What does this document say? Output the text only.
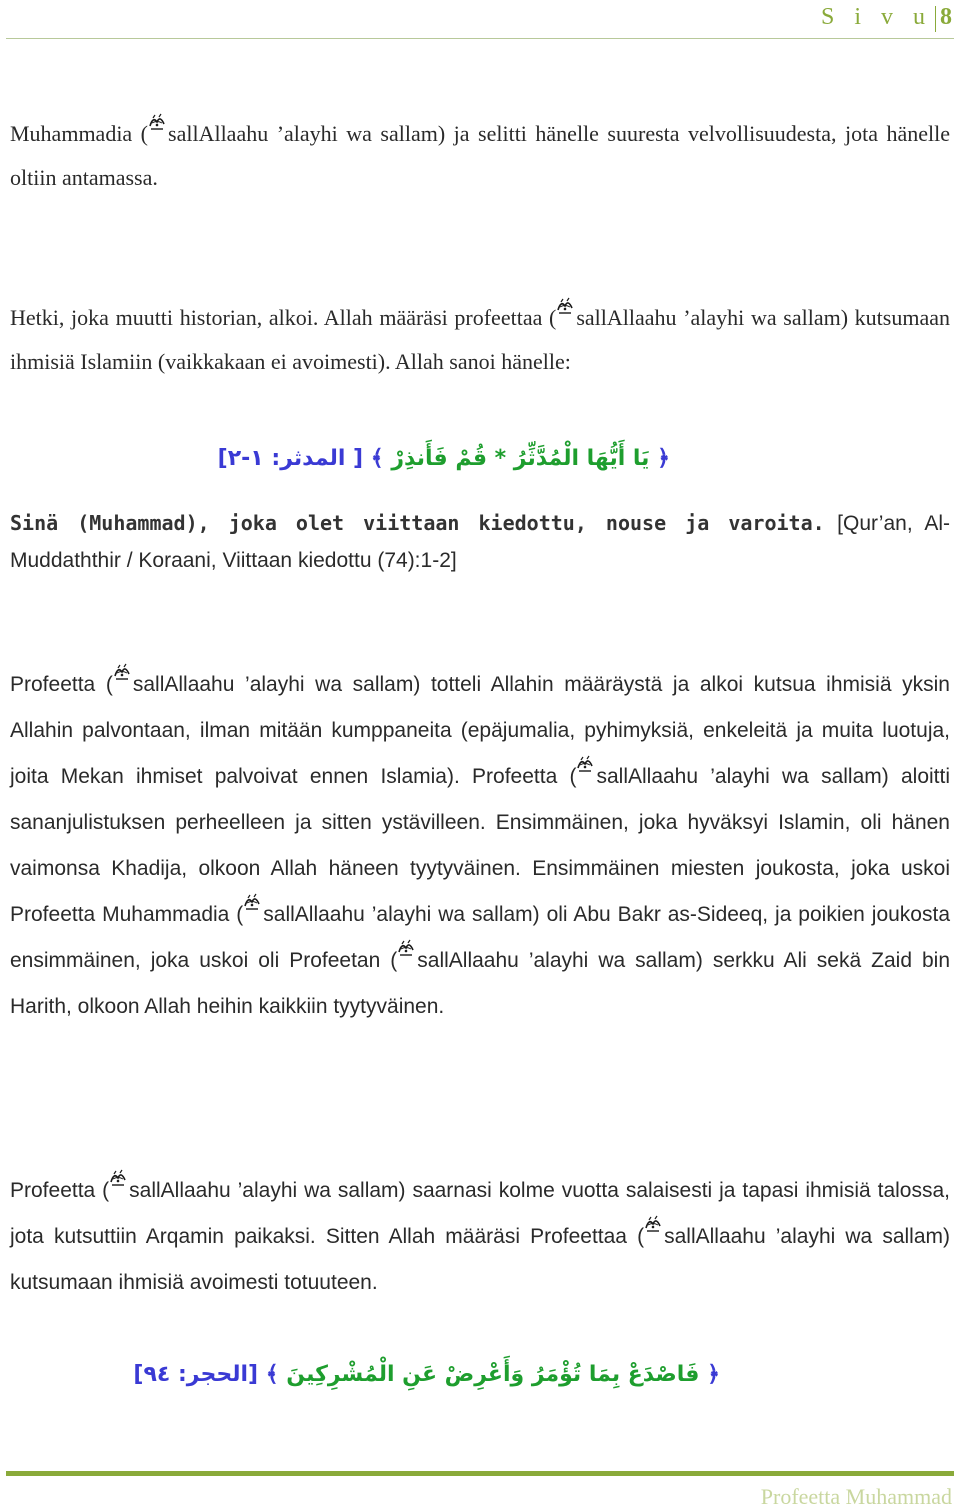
S i v u 8

Muhammadia ( sallAllaahu ’alayhi wa sallam) ja selitti hänelle suuresta velvollisuudesta, jota hänelle oltiin antamassa.

Hetki, joka muutti historian, alkoi. Allah määräsi profeettaa ( sallAllaahu ’alayhi wa sallam) kutsumaan ihmisiä Islamiin (vaikkakaan ei avoimesti). Allah sanoi hänelle:

﴿ يَا أَيُّهَا الْمُدَّثِّرُ * قُمْ فَأَنذِرْ ﴾ [ المدثر: ١-٢]

Sinä (Muhammad), joka olet viittaan kiedottu, nouse ja varoita. [Qur’an, Al-Muddaththir / Koraani, Viittaan kiedottu (74):1-2]

Profeetta ( sallAllaahu ’alayhi wa sallam) totteli Allahin määräystä ja alkoi kutsua ihmisiä yksin Allahin palvontaan, ilman mitään kumppaneita (epäjumalia, pyhimyksiä, enkeleitä ja muita luotuja, joita Mekan ihmiset palvoivat ennen Islamia). Profeetta ( sallAllaahu ’alayhi wa sallam) aloitti sananjulistuksen perheelleen ja sitten ystävilleen. Ensimmäinen, joka hyväksyi Islamin, oli hänen vaimonsa Khadija, olkoon Allah häneen tyytyväinen. Ensimmäinen miesten joukosta, joka uskoi Profeetta Muhammadia ( sallAllaahu ’alayhi wa sallam) oli Abu Bakr as-Sideeq, ja poikien joukosta ensimmäinen, joka uskoi oli Profeetan ( sallAllaahu ’alayhi wa sallam) serkku Ali sekä Zaid bin Harith, olkoon Allah heihin kaikkiin tyytyväinen.

Profeetta ( sallAllaahu ’alayhi wa sallam) saarnasi kolme vuotta salaisesti ja tapasi ihmisiä talossa, jota kutsuttiin Arqamin paikaksi. Sitten Allah määräsi Profeettaa ( sallAllaahu ’alayhi wa sallam) kutsumaan ihmisiä avoimesti totuuteen.

﴿ فَاصْدَعْ بِمَا تُؤْمَرُ وَأَعْرِضْ عَنِ الْمُشْرِكِينَ ﴾ [الحجر: ٩٤]
Profeetta Muhammad
